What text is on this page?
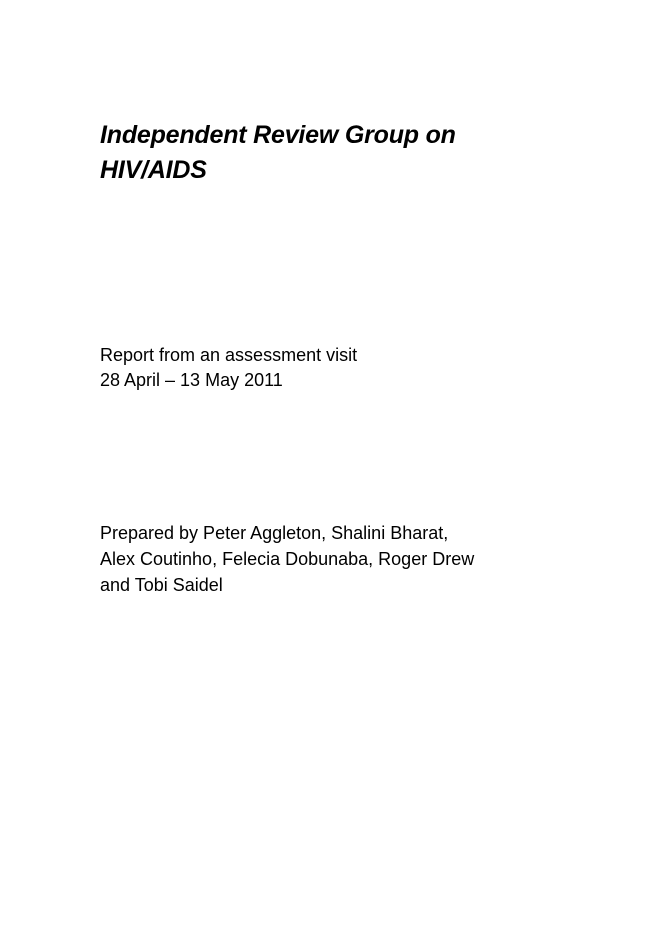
Independent Review Group on
HIV/AIDS
Report from an assessment visit
28 April – 13 May 2011
Prepared by Peter Aggleton, Shalini Bharat,
Alex Coutinho, Felecia Dobunaba, Roger Drew
and Tobi Saidel
